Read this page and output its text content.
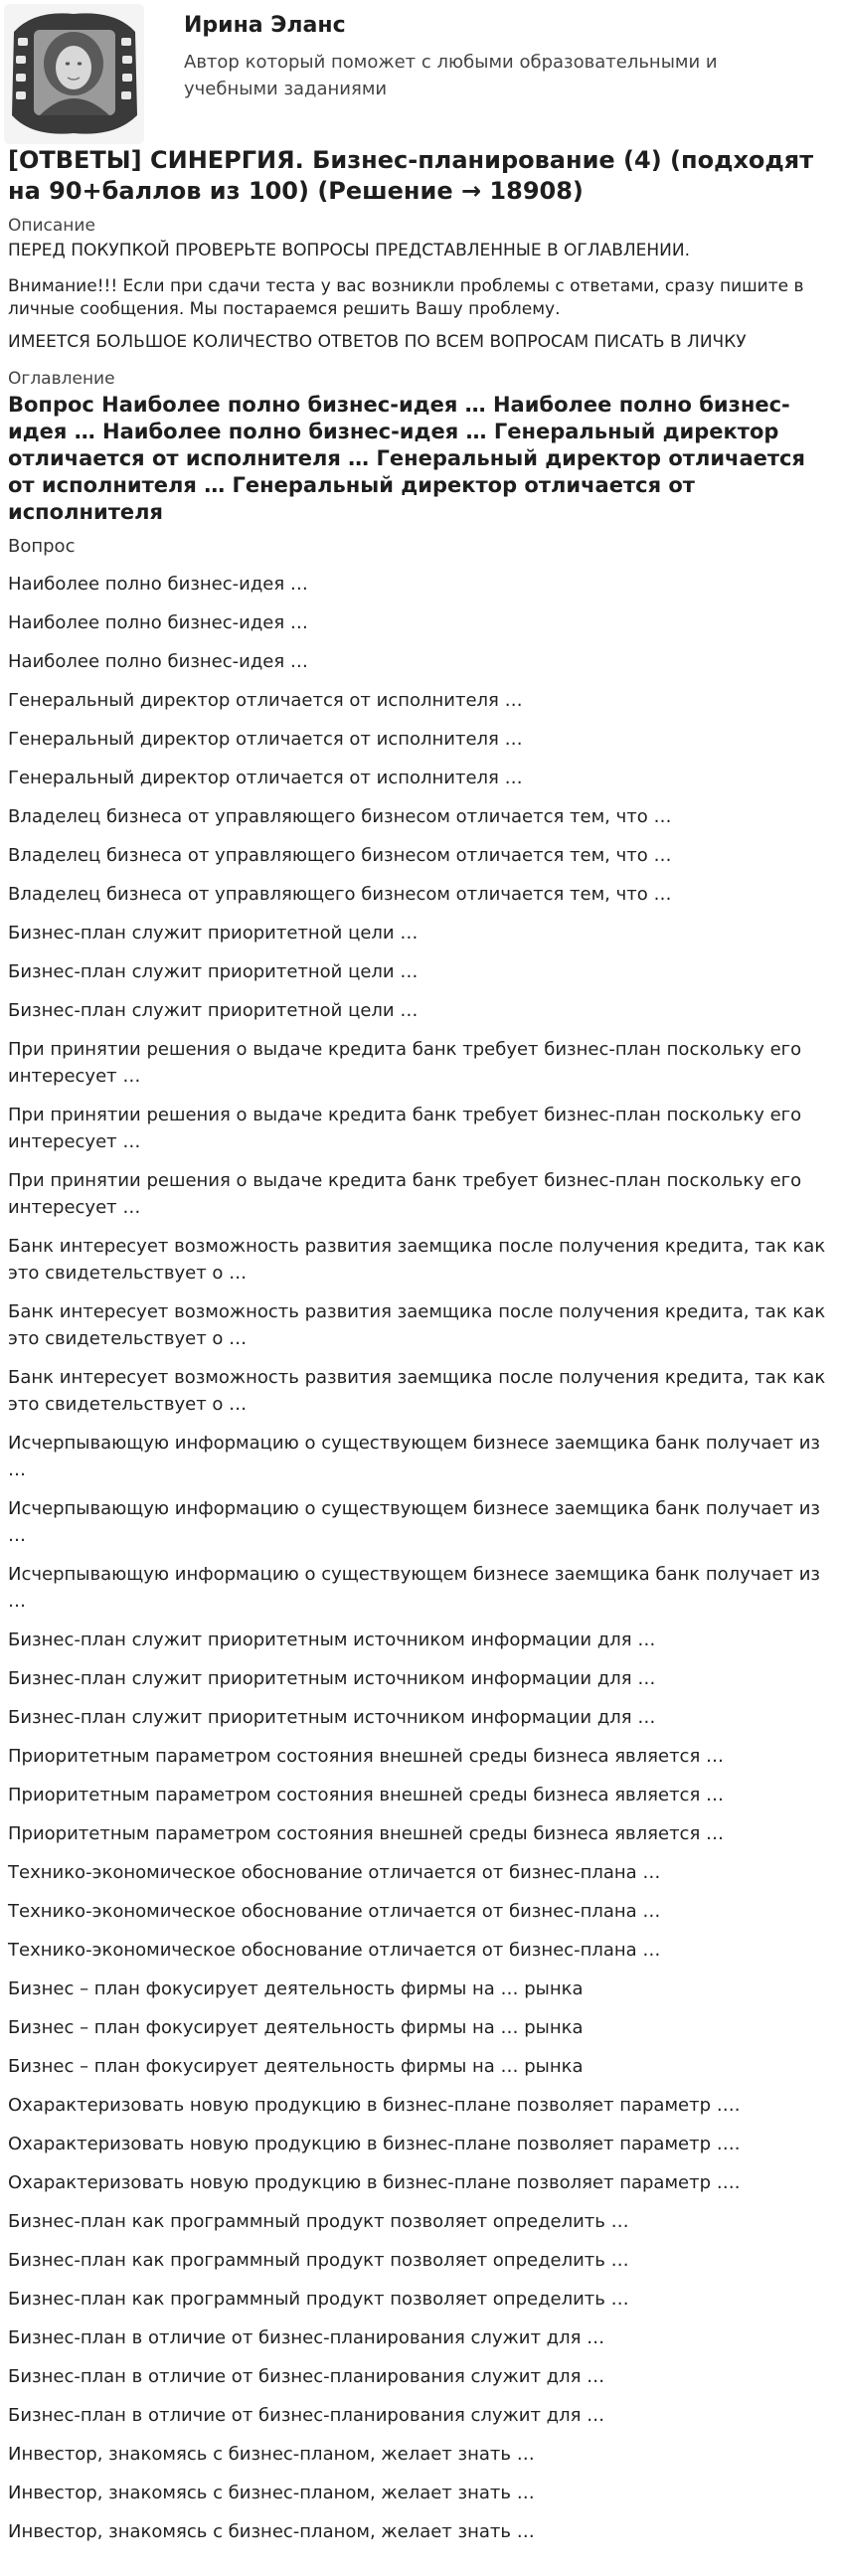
Ирина Эланс
Автор который поможет с любыми образовательными и учебными заданиями
[ОТВЕТЫ] СИНЕРГИЯ. Бизнес-планирование (4) (подходят на 90+баллов из 100) (Решение → 18908)
Описание
ПЕРЕД ПОКУПКОЙ ПРОВЕРЬТЕ ВОПРОСЫ ПРЕДСТАВЛЕННЫЕ В ОГЛАВЛЕНИИ.
Внимание!!! Если при сдачи теста у вас возникли проблемы с ответами, сразу пишите в личные сообщения. Мы постараемся решить Вашу проблему.
ИМЕЕТСЯ БОЛЬШОЕ КОЛИЧЕСТВО ОТВЕТОВ ПО ВСЕМ ВОПРОСАМ ПИСАТЬ В ЛИЧКУ
Оглавление
Вопрос Наиболее полно бизнес-идея … Наиболее полно бизнес-идея … Наиболее полно бизнес-идея … Генеральный директор отличается от исполнителя … Генеральный директор отличается от исполнителя … Генеральный директор отличается от исполнителя
Вопрос
Наиболее полно бизнес-идея …
Наиболее полно бизнес-идея …
Наиболее полно бизнес-идея …
Генеральный директор отличается от исполнителя …
Генеральный директор отличается от исполнителя …
Генеральный директор отличается от исполнителя …
Владелец бизнеса от управляющего бизнесом отличается тем, что …
Владелец бизнеса от управляющего бизнесом отличается тем, что …
Владелец бизнеса от управляющего бизнесом отличается тем, что …
Бизнес-план служит приоритетной цели …
Бизнес-план служит приоритетной цели …
Бизнес-план служит приоритетной цели …
При принятии решения о выдаче кредита банк требует бизнес-план поскольку его интересует …
При принятии решения о выдаче кредита банк требует бизнес-план поскольку его интересует …
При принятии решения о выдаче кредита банк требует бизнес-план поскольку его интересует …
Банк интересует возможность развития заемщика после получения кредита, так как это свидетельствует о …
Банк интересует возможность развития заемщика после получения кредита, так как это свидетельствует о …
Банк интересует возможность развития заемщика после получения кредита, так как это свидетельствует о …
Исчерпывающую информацию о существующем бизнесе заемщика банк получает из …
Исчерпывающую информацию о существующем бизнесе заемщика банк получает из …
Исчерпывающую информацию о существующем бизнесе заемщика банк получает из …
Бизнес-план служит приоритетным источником информации для …
Бизнес-план служит приоритетным источником информации для …
Бизнес-план служит приоритетным источником информации для …
Приоритетным параметром состояния внешней среды бизнеса является …
Приоритетным параметром состояния внешней среды бизнеса является …
Приоритетным параметром состояния внешней среды бизнеса является …
Технико-экономическое обоснование отличается от бизнес-плана …
Технико-экономическое обоснование отличается от бизнес-плана …
Технико-экономическое обоснование отличается от бизнес-плана …
Бизнес – план фокусирует деятельность фирмы на … рынка
Бизнес – план фокусирует деятельность фирмы на … рынка
Бизнес – план фокусирует деятельность фирмы на … рынка
Охарактеризовать новую продукцию в бизнес-плане позволяет параметр ….
Охарактеризовать новую продукцию в бизнес-плане позволяет параметр ….
Охарактеризовать новую продукцию в бизнес-плане позволяет параметр ….
Бизнес-план как программный продукт позволяет определить …
Бизнес-план как программный продукт позволяет определить …
Бизнес-план как программный продукт позволяет определить …
Бизнес-план в отличие от бизнес-планирования служит для …
Бизнес-план в отличие от бизнес-планирования служит для …
Бизнес-план в отличие от бизнес-планирования служит для …
Инвестор, знакомясь с бизнес-планом, желает знать …
Инвестор, знакомясь с бизнес-планом, желает знать …
Инвестор, знакомясь с бизнес-планом, желает знать …
